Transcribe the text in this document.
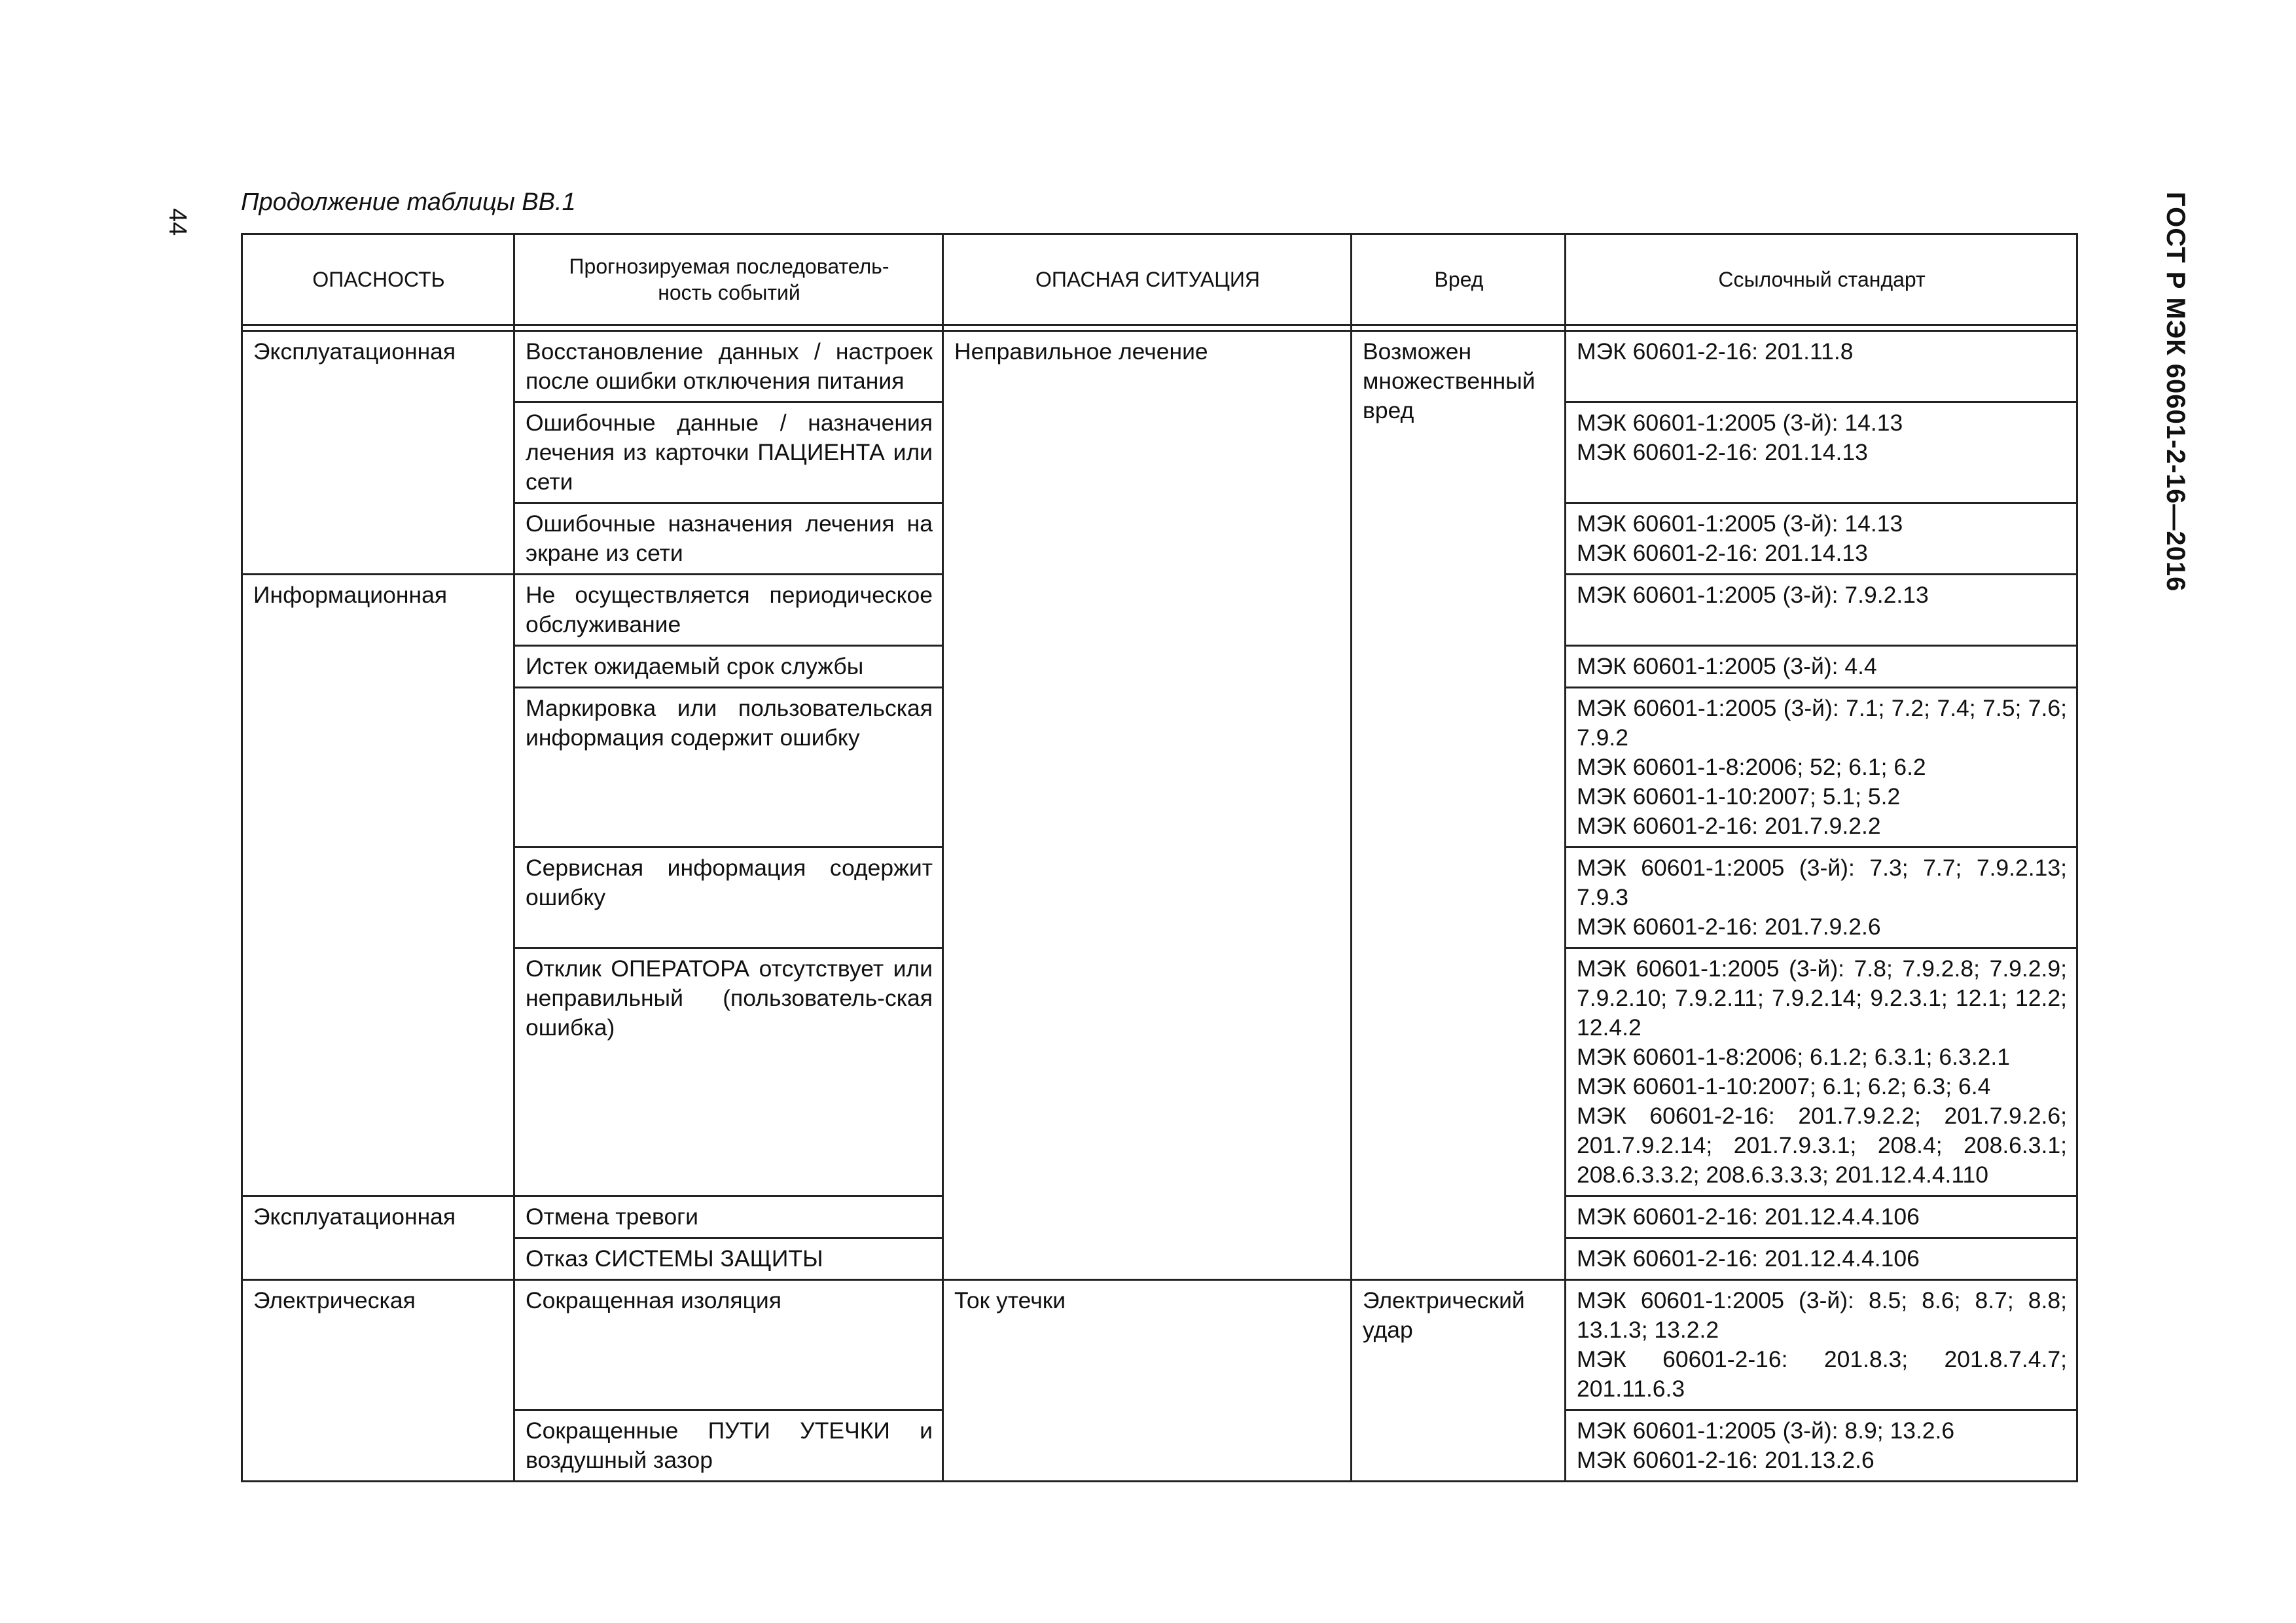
44
Продолжение таблицы ВВ.1	ГОСТ Р МЭК 60601-2-16—2016
ОПАСНОСТЬ	Прогнозируемая последователь-
ность событий	ОПАСНАЯ СИТУАЦИЯ	Вред	Ссылочный стандарт

Эксплуатационная	Восстановление данных / настроек после ошибки отключения питания	Неправильное лечение	Возможен множественный вред	МЭК 60601-2-16: 201.11.8

	Ошибочные данные / назначения лечения из карточки ПАЦИЕНТА или сети			МЭК 60601-1:2005 (3-й): 14.13
МЭК 60601-2-16: 201.14.13

	Ошибочные назначения лечения на экране из сети			МЭК 60601-1:2005 (3-й): 14.13
МЭК 60601-2-16: 201.14.13

Информационная	Не осуществляется периодическое обслуживание			МЭК 60601-1:2005 (3-й): 7.9.2.13

	Истек ожидаемый срок службы			МЭК 60601-1:2005 (3-й): 4.4

	Маркировка или пользовательская информация содержит ошибку			МЭК 60601-1:2005 (3-й): 7.1; 7.2; 7.4; 7.5; 7.6; 7.9.2
МЭК 60601-1-8:2006; 52; 6.1; 6.2
МЭК 60601-1-10:2007; 5.1; 5.2
МЭК 60601-2-16: 201.7.9.2.2

	Сервисная информация содержит ошибку			МЭК 60601-1:2005 (3-й): 7.3; 7.7; 7.9.2.13; 7.9.3
МЭК 60601-2-16: 201.7.9.2.6

	Отклик ОПЕРАТОРА отсутствует или неправильный (пользователь-ская ошибка)			МЭК 60601-1:2005 (3-й): 7.8; 7.9.2.8; 7.9.2.9; 7.9.2.10; 7.9.2.11; 7.9.2.14; 9.2.3.1; 12.1; 12.2; 12.4.2
МЭК 60601-1-8:2006; 6.1.2; 6.3.1; 6.3.2.1
МЭК 60601-1-10:2007; 6.1; 6.2; 6.3; 6.4
МЭК 60601-2-16: 201.7.9.2.2; 201.7.9.2.6; 201.7.9.2.14; 201.7.9.3.1; 208.4; 208.6.3.1; 208.6.3.3.2; 208.6.3.3.3; 201.12.4.4.110

Эксплуатационная	Отмена тревоги			МЭК 60601-2-16: 201.12.4.4.106

	Отказ СИСТЕМЫ ЗАЩИТЫ			МЭК 60601-2-16: 201.12.4.4.106

Электрическая	Сокращенная изоляция	Ток утечки	Электрический удар	МЭК 60601-1:2005 (3-й): 8.5; 8.6; 8.7; 8.8; 13.1.3; 13.2.2
МЭК 60601-2-16: 201.8.3; 201.8.7.4.7; 201.11.6.3

	Сокращенные ПУТИ УТЕЧКИ и воздушный зазор			МЭК 60601-1:2005 (3-й): 8.9; 13.2.6
МЭК 60601-2-16: 201.13.2.6
